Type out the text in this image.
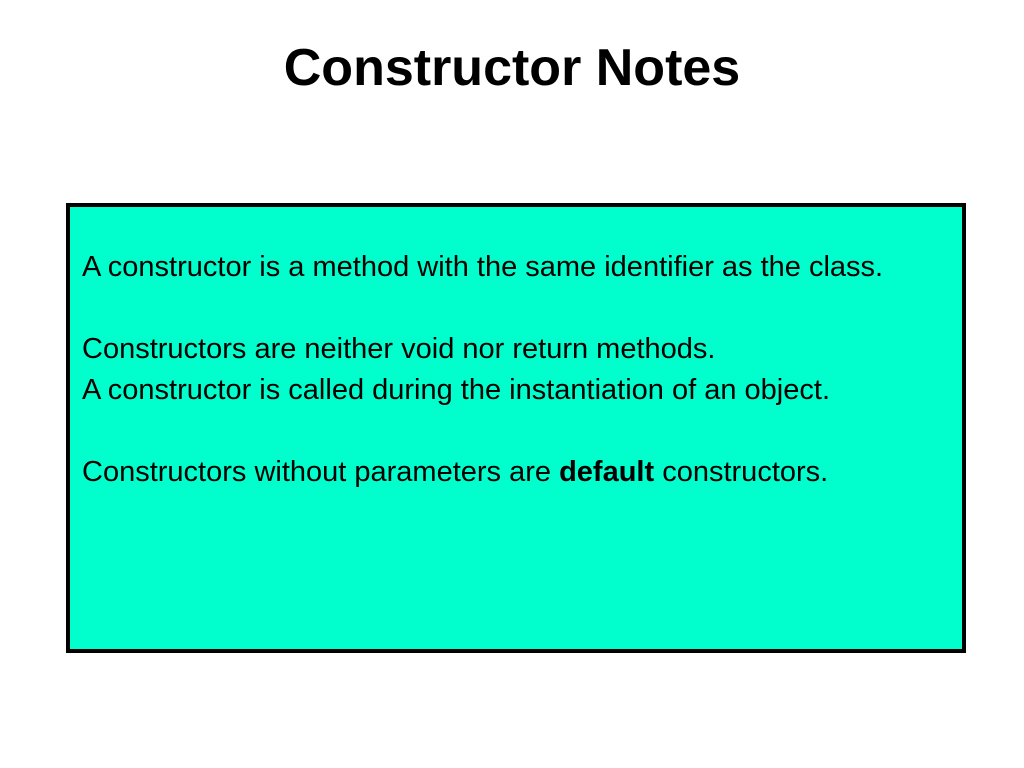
Constructor Notes

A constructor is a method with the same identifier as the class.

Constructors are neither void nor return methods.

A constructor is called during the instantiation of an object.

Constructors without parameters are default constructors.
